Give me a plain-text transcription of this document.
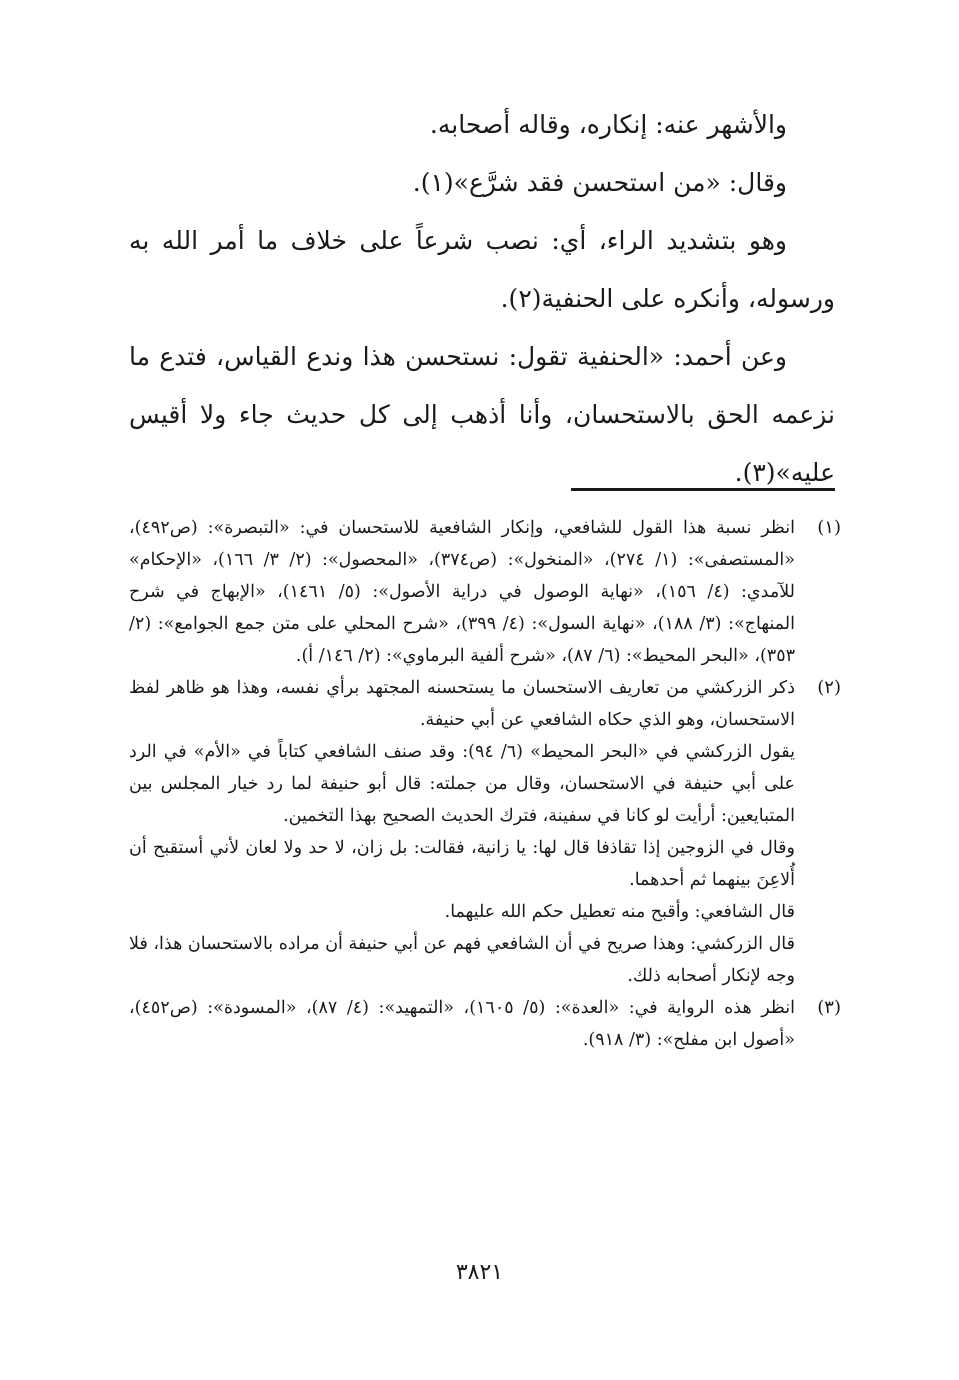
والأشهر عنه: إنكاره، وقاله أصحابه.

وقال: «من استحسن فقد شرَّع»(١).

وهو بتشديد الراء، أي: نصب شرعاً على خلاف ما أمر الله به ورسوله، وأنكره على الحنفية(٢).

وعن أحمد: «الحنفية تقول: نستحسن هذا وندع القياس، فتدع ما نزعمه الحق بالاستحسان، وأنا أذهب إلى كل حديث جاء ولا أقيس عليه»(٣).

(١)

انظر نسبة هذا القول للشافعي، وإنكار الشافعية للاستحسان في: «التبصرة»: (ص٤٩٢)، «المستصفى»: (١/ ٢٧٤)، «المنخول»: (ص٣٧٤)، «المحصول»: (٢/ ٣/ ١٦٦)، «الإحكام» للآمدي: (٤/ ١٥٦)، «نهاية الوصول في دراية الأصول»: (٥/ ١٤٦١)، «الإبهاج في شرح المنهاج»: (٣/ ١٨٨)، «نهاية السول»: (٤/ ٣٩٩)، «شرح المحلي على متن جمع الجوامع»: (٢/ ٣٥٣)، «البحر المحيط»: (٦/ ٨٧)، «شرح ألفية البرماوي»: (٢/ ١٤٦/ أ).

(٢)

ذكر الزركشي من تعاريف الاستحسان ما يستحسنه المجتهد برأي نفسه، وهذا هو ظاهر لفظ الاستحسان، وهو الذي حكاه الشافعي عن أبي حنيفة.

يقول الزركشي في «البحر المحيط» (٦/ ٩٤): وقد صنف الشافعي كتاباً في «الأم» في الرد على أبي حنيفة في الاستحسان، وقال من جملته: قال أبو حنيفة لما رد خيار المجلس بين المتبايعين: أرأيت لو كانا في سفينة، فترك الحديث الصحيح بهذا التخمين.

وقال في الزوجين إذا تقاذفا قال لها: يا زانية، فقالت: بل زان، لا حد ولا لعان لأني أستقبح أن أُلاعِنَ بينهما ثم أحدهما.

قال الشافعي: وأقبح منه تعطيل حكم الله عليهما.

قال الزركشي: وهذا صريح في أن الشافعي فهم عن أبي حنيفة أن مراده بالاستحسان هذا، فلا وجه لإنكار أصحابه ذلك.

(٣)

انظر هذه الرواية في: «العدة»: (٥/ ١٦٠٥)، «التمهيد»: (٤/ ٨٧)، «المسودة»: (ص٤٥٢)، «أصول ابن مفلح»: (٣/ ٩١٨).

٣٨٢١
